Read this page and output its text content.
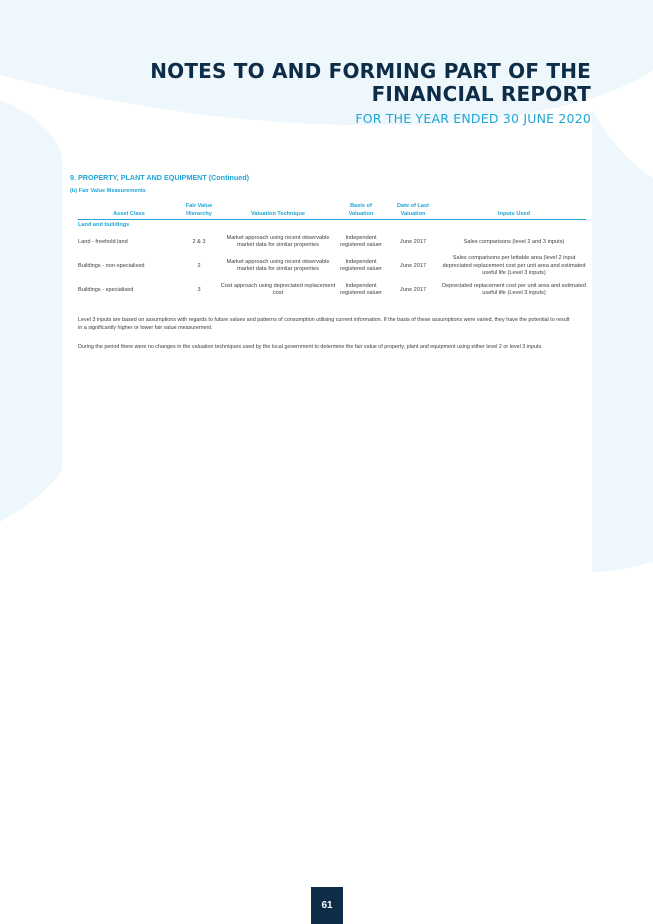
NOTES TO AND FORMING PART OF THE
FINANCIAL REPORT
FOR THE YEAR ENDED 30 JUNE 2020
9. PROPERTY, PLANT AND EQUIPMENT (Continued)
(b) Fair Value Measurements
Asset Class	Fair Value Hierarchy	Valuation Technique	Basis of Valuation	Date of Last Valuation	Inputs Used
Land and buildings					
Land - freehold land	2 & 3	Market approach using recent observable market data for similar properties	Independent registered valuer	June 2017	Sales comparisons (level 2 and 3 inputs)
Buildings - non-specialised	2	Market approach using recent observable market data for similar properties	Independent registered valuer	June 2017	Sales comparisons per lettable area (level 2 input depreciated replacement cost per unit area and estimated useful life (Level 3 inputs)
Buildings - specialised	3	Cost approach using depreciated replacement cost	Independent registered valuer	June 2017	Depreciated replacement cost per unit area and estimated useful life (Level 3 inputs)

Level 3 inputs are based on assumptions with regards to future values and patterns of consumption utilising current information. If the basis of these assumptions were varied, they have the potential to result in a significantly higher or lower fair value measurement.

During the period there were no changes in the valuation techniques used by the local government to determine the fair value of property, plant and equipment using either level 2 or level 3 inputs.

61
